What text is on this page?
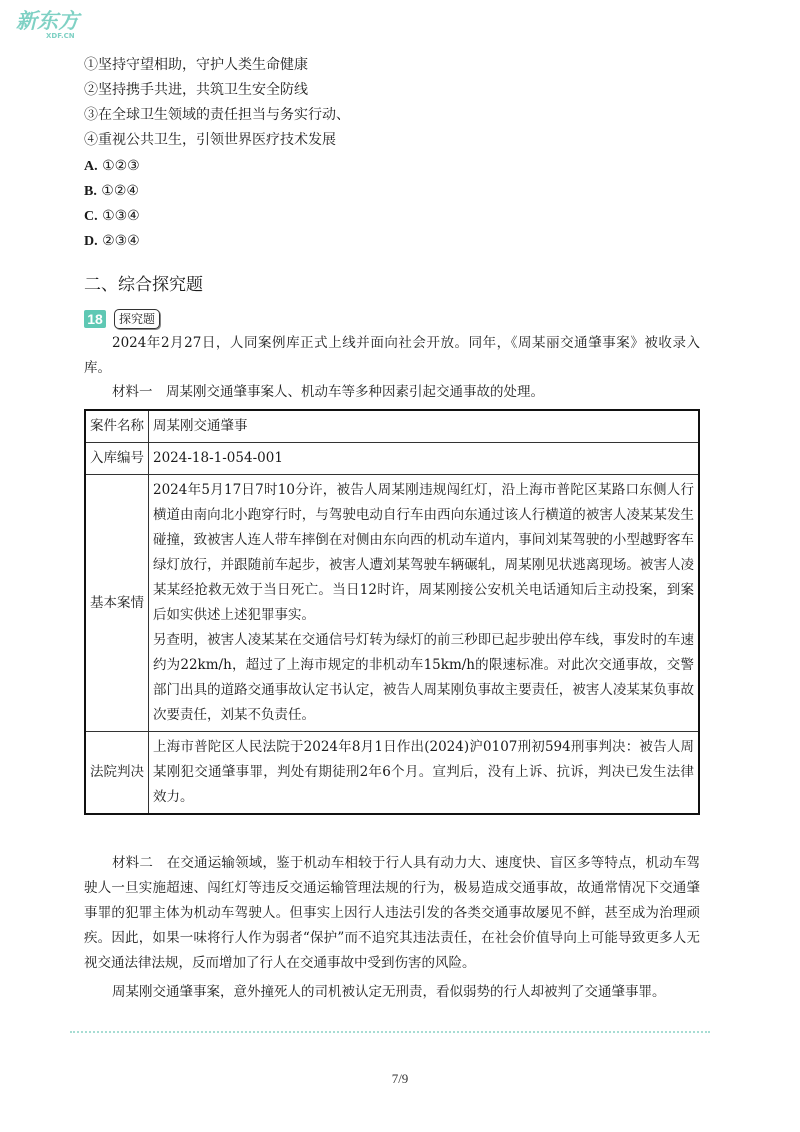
新东方
XDF.CN
①坚持守望相助，守护人类生命健康
②坚持携手共进，共筑卫生安全防线
③在全球卫生领域的责任担当与务实行动、
④重视公共卫生，引领世界医疗技术发展
A. ①②③
B. ①②④
C. ①③④
D. ②③④
二、综合探究题
18	探究题
2024年2月27日，人同案例库正式上线并面向社会开放。同年，《周某丽交通肇事案》被收录入库。
材料一　周某刚交通肇事案人、机动车等多种因素引起交通事故的处理。
案件名称	周某刚交通肇事
入库编号	2024-18-1-054-001
基本案情	2024年5月17日7时10分许，被告人周某刚违规闯红灯，沿上海市普陀区某路口东侧人行横道由南向北小跑穿行时，与驾驶电动自行车由西向东通过该人行横道的被害人凌某某发生碰撞，致被害人连人带车摔倒在对侧由东向西的机动车道内，事间刘某驾驶的小型越野客车绿灯放行，并跟随前车起步，被害人遭刘某驾驶车辆碾轧，周某刚见状逃离现场。被害人凌某某经抢救无效于当日死亡。当日12时许，周某刚接公安机关电话通知后主动投案，到案后如实供述上述犯罪事实。
另查明，被害人凌某某在交通信号灯转为绿灯的前三秒即已起步驶出停车线，事发时的车速约为22km/h，超过了上海市规定的非机动车15km/h的限速标准。对此次交通事故，交警部门出具的道路交通事故认定书认定，被告人周某刚负事故主要责任，被害人凌某某负事故次要责任，刘某不负责任。

法院判决	上海市普陀区人民法院于2024年8月1日作出(2024)沪0107刑初594刑事判决：被告人周某刚犯交通肇事罪，判处有期徒刑2年6个月。宣判后，没有上诉、抗诉，判决已发生法律效力。
材料二　在交通运输领域，鉴于机动车相较于行人具有动力大、速度快、盲区多等特点，机动车驾驶人一旦实施超速、闯红灯等违反交通运输管理法规的行为，极易造成交通事故，故通常情况下交通肇事罪的犯罪主体为机动车驾驶人。但事实上因行人违法引发的各类交通事故屡见不鲜，甚至成为治理顽疾。因此，如果一味将行人作为弱者“保护”而不追究其违法责任，在社会价值导向上可能导致更多人无视交通法律法规，反而增加了行人在交通事故中受到伤害的风险。
周某刚交通肇事案，意外撞死人的司机被认定无刑责，看似弱势的行人却被判了交通肇事罪。
7/9
